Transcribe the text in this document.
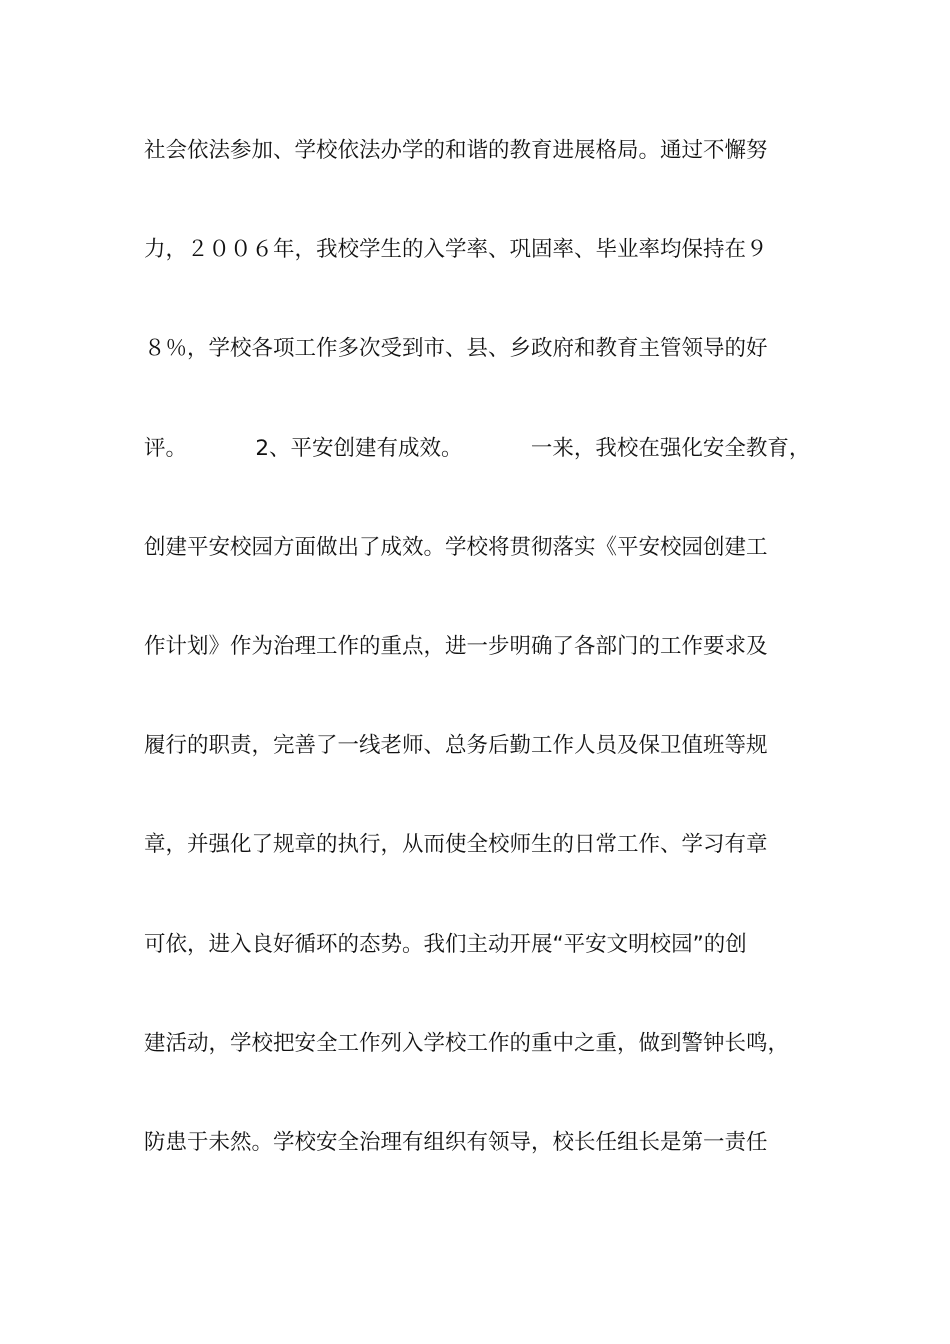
社会依法参加、学校依法办学的和谐的教育进展格局。通过不懈努
力，２００６年，我校学生的入学率、巩固率、毕业率均保持在９
８％，学校各项工作多次受到市、县、乡政府和教育主管领导的好
评。          2、平安创建有成效。          一来，我校在强化安全教育，
创建平安校园方面做出了成效。学校将贯彻落实《平安校园创建工
作计划》作为治理工作的重点，进一步明确了各部门的工作要求及
履行的职责，完善了一线老师、总务后勤工作人员及保卫值班等规
章，并强化了规章的执行，从而使全校师生的日常工作、学习有章
可依，进入良好循环的态势。我们主动开展“平安文明校园”的创
建活动，学校把安全工作列入学校工作的重中之重，做到警钟长鸣，
防患于未然。学校安全治理有组织有领导，校长任组长是第一责任
